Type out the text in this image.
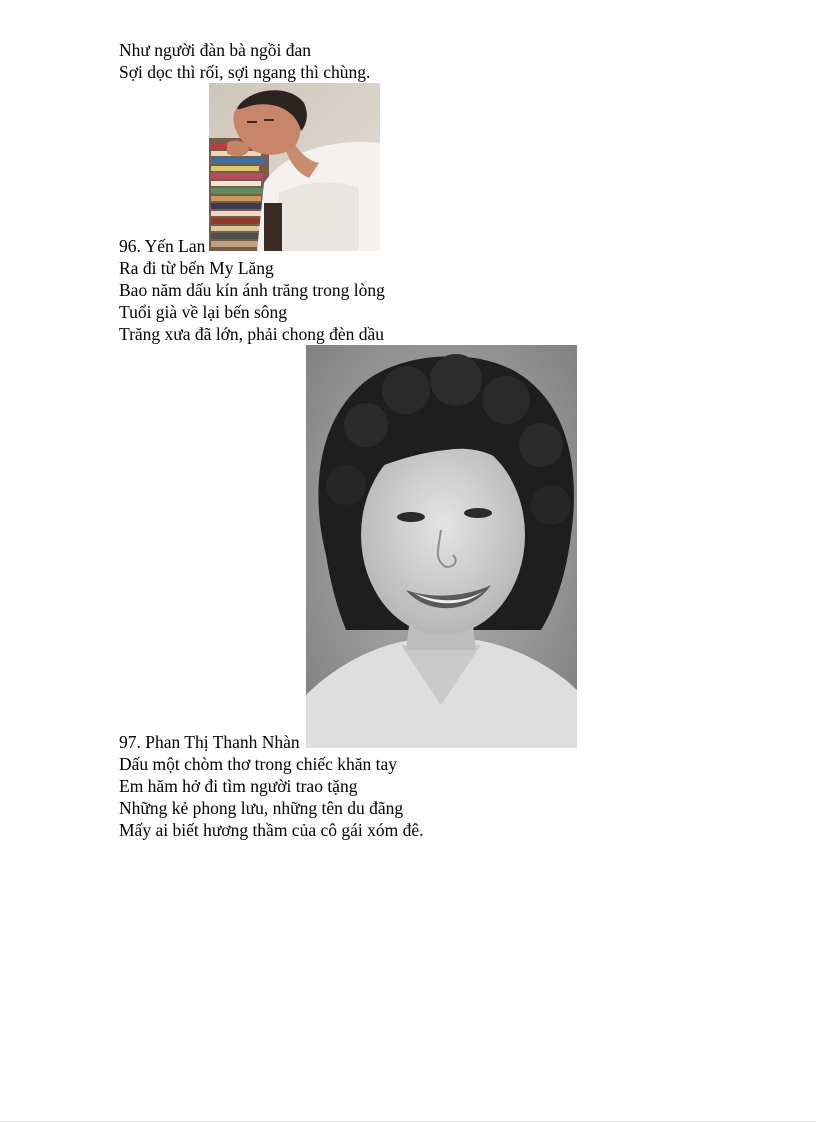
Như người đàn bà ngồi đan
Sợi dọc thì rối, sợi ngang thì chùng.
96. Yến Lan
Ra đi từ bến My Lăng
Bao năm dấu kín ánh trăng trong lòng
Tuổi già về lại bến sông
Trăng xưa đã lớn, phải chong đèn dầu
97. Phan Thị Thanh Nhàn
Dấu một chòm thơ trong chiếc khăn tay
Em hăm hở đi tìm người trao tặng
Những kẻ phong lưu, những tên du đãng
Mấy ai biết hương thầm của cô gái xóm đê.
